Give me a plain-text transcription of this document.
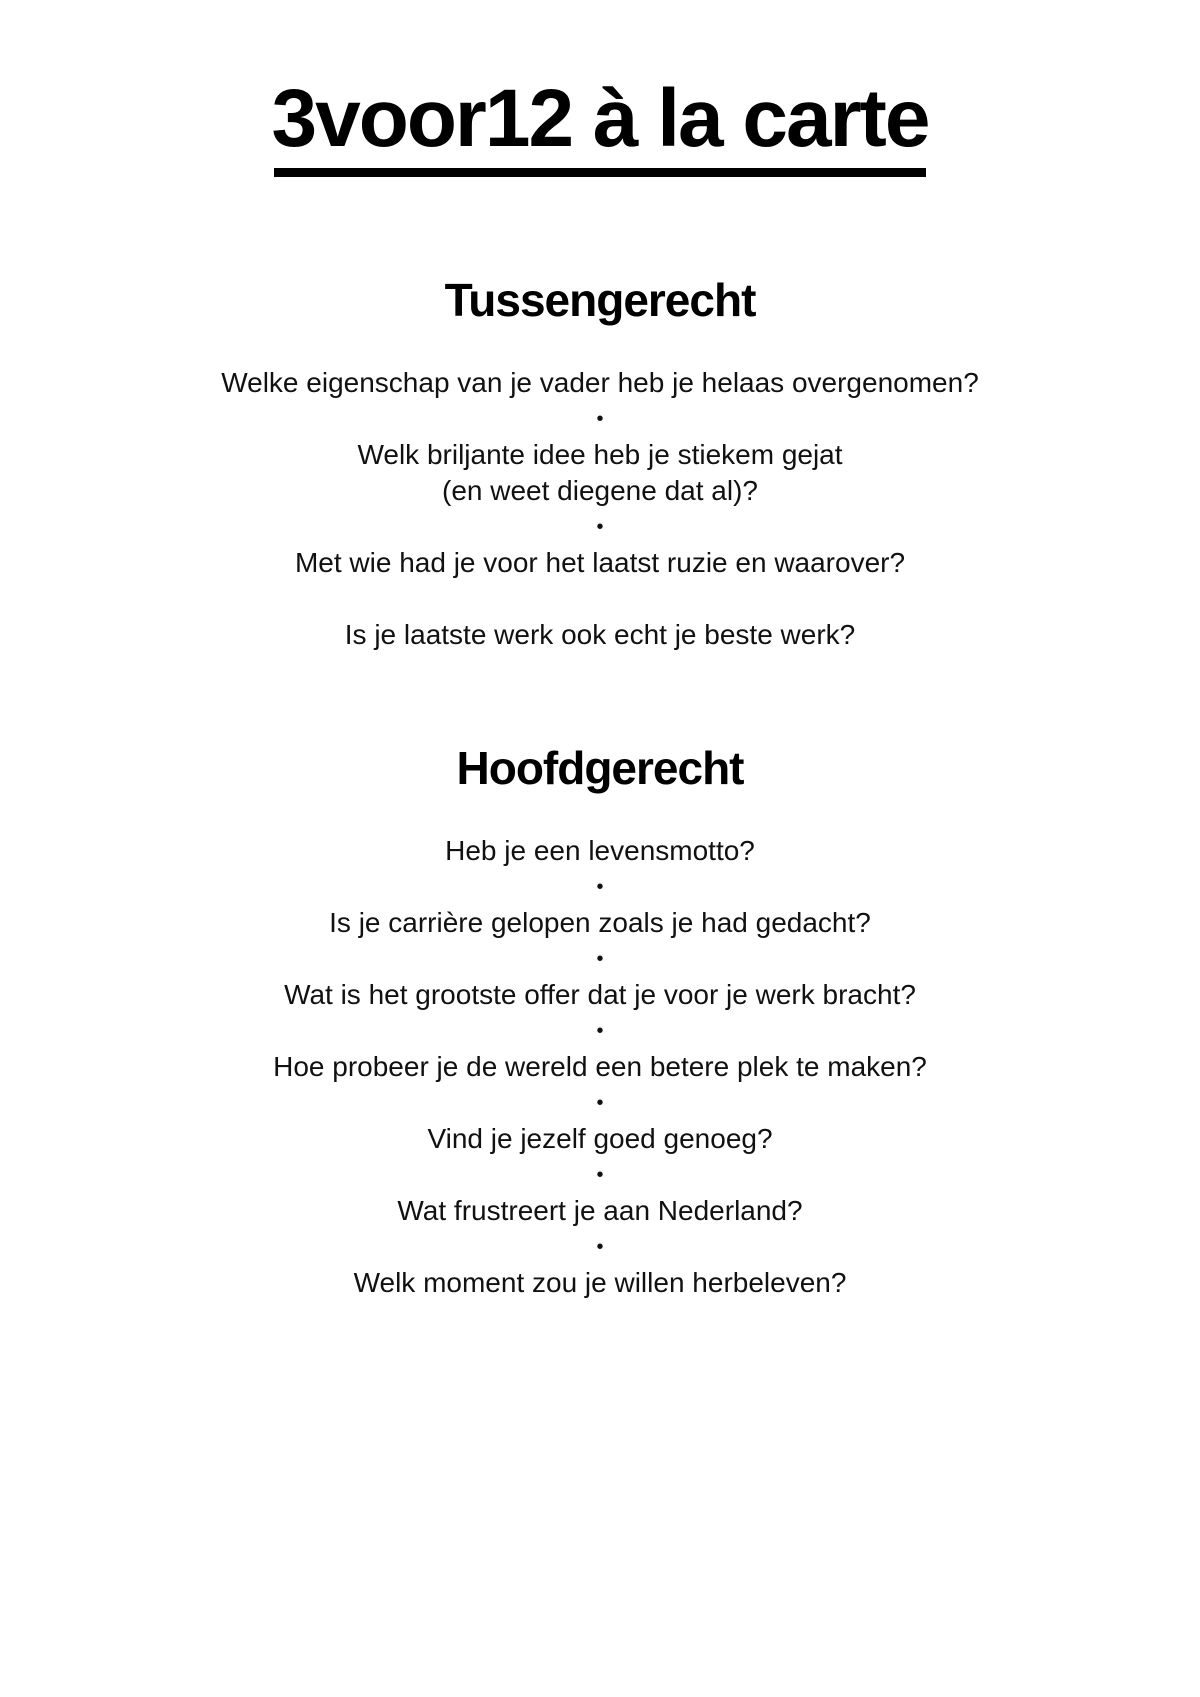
3voor12 à la carte
Tussengerecht
Welke eigenschap van je vader heb je helaas overgenomen?
•
Welk briljante idee heb je stiekem gejat
(en weet diegene dat al)?
•
Met wie had je voor het laatst ruzie en waarover?
Is je laatste werk ook echt je beste werk?
Hoofdgerecht
Heb je een levensmotto?
•
Is je carrière gelopen zoals je had gedacht?
•
Wat is het grootste offer dat je voor je werk bracht?
•
Hoe probeer je de wereld een betere plek te maken?
•
Vind je jezelf goed genoeg?
•
Wat frustreert je aan Nederland?
•
Welk moment zou je willen herbeleven?
